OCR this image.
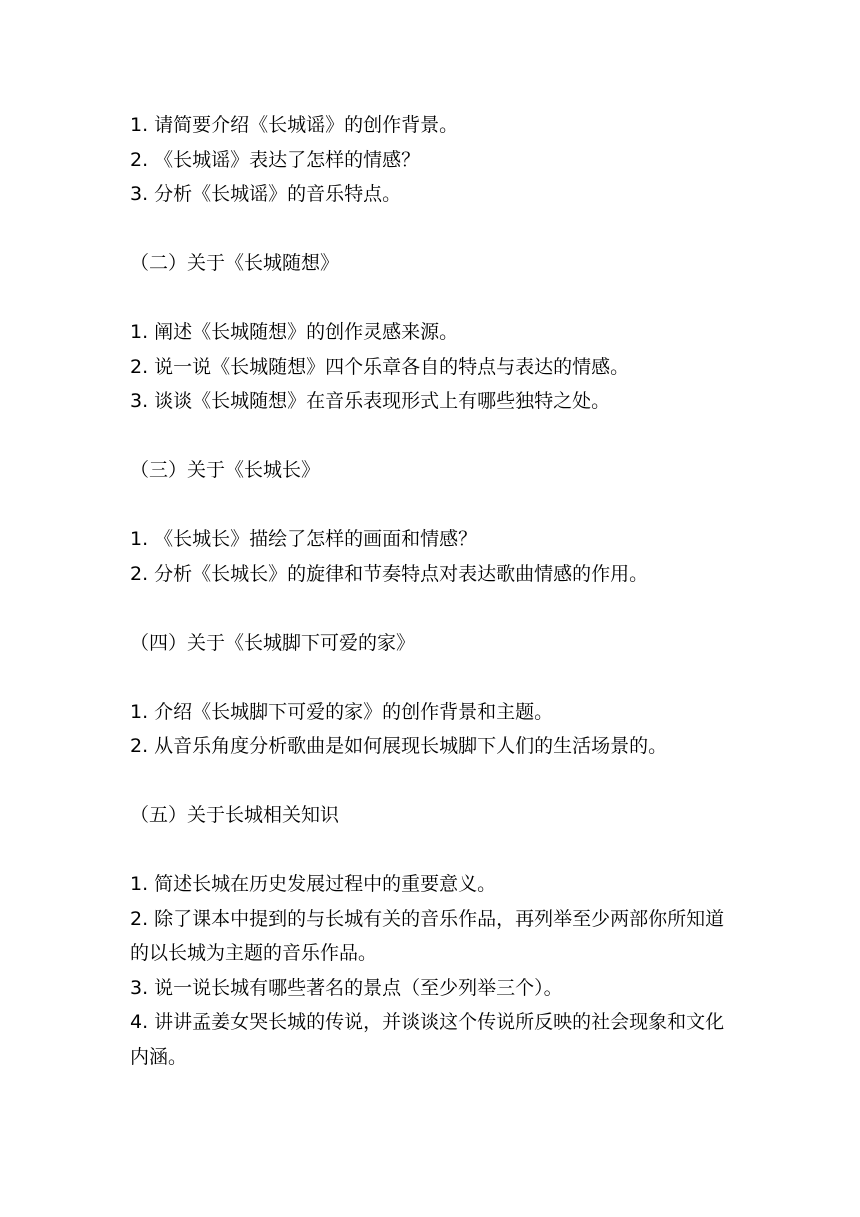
1. 请简要介绍《长城谣》的创作背景。

2. 《长城谣》表达了怎样的情感？

3. 分析《长城谣》的音乐特点。

（二）关于《长城随想》

1. 阐述《长城随想》的创作灵感来源。

2. 说一说《长城随想》四个乐章各自的特点与表达的情感。

3. 谈谈《长城随想》在音乐表现形式上有哪些独特之处。

（三）关于《长城长》

1. 《长城长》描绘了怎样的画面和情感？

2. 分析《长城长》的旋律和节奏特点对表达歌曲情感的作用。

（四）关于《长城脚下可爱的家》

1. 介绍《长城脚下可爱的家》的创作背景和主题。

2. 从音乐角度分析歌曲是如何展现长城脚下人们的生活场景的。

（五）关于长城相关知识

1. 简述长城在历史发展过程中的重要意义。

2. 除了课本中提到的与长城有关的音乐作品，再列举至少两部你所知道的以长城为主题的音乐作品。

3. 说一说长城有哪些著名的景点（至少列举三个）。

4. 讲讲孟姜女哭长城的传说，并谈谈这个传说所反映的社会现象和文化内涵。
